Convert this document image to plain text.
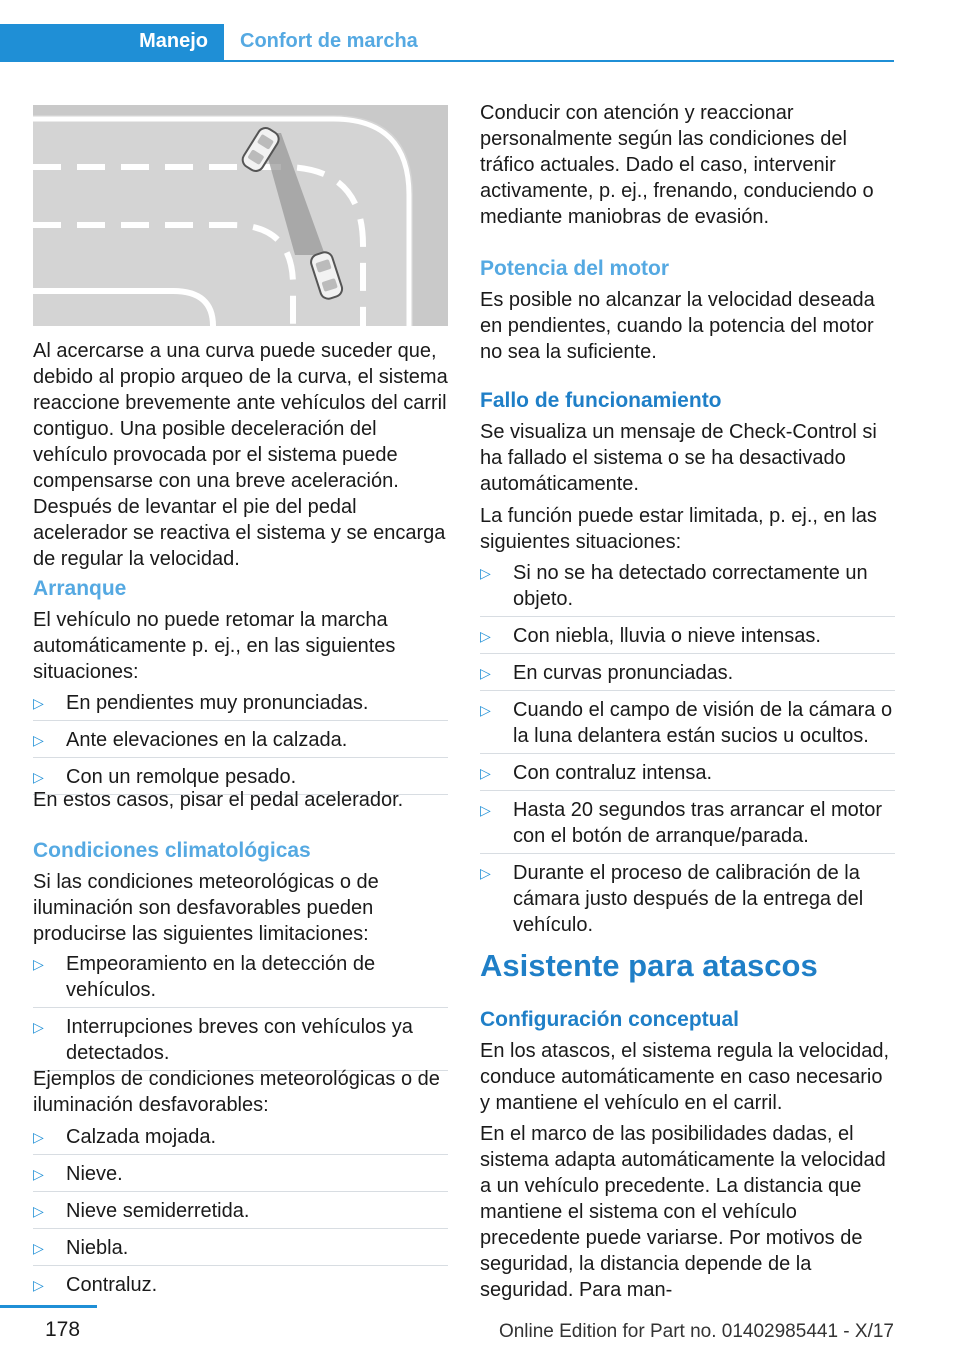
Manejo Confort de marcha

Al acercarse a una curva puede suceder que, debido al propio arqueo de la curva, el sistema reaccione brevemente ante vehículos del carril contiguo. Una posible deceleración del vehículo provocada por el sistema puede compensarse con una breve aceleración. Después de levantar el pie del pedal acelerador se reactiva el sistema y se encarga de regular la velocidad.

Arranque

El vehículo no puede retomar la marcha automáticamente p. ej., en las siguientes situaciones:

▷ En pendientes muy pronunciadas.
▷ Ante elevaciones en la calzada.
▷ Con un remolque pesado.

En estos casos, pisar el pedal acelerador.

Condiciones climatológicas

Si las condiciones meteorológicas o de iluminación son desfavorables pueden producirse las siguientes limitaciones:

▷ Empeoramiento en la detección de vehículos.
▷ Interrupciones breves con vehículos ya detectados.

Ejemplos de condiciones meteorológicas o de iluminación desfavorables:

▷ Calzada mojada.
▷ Nieve.
▷ Nieve semiderretida.
▷ Niebla.
▷ Contraluz.

Conducir con atención y reaccionar personalmente según las condiciones del tráfico actuales. Dado el caso, intervenir activamente, p. ej., frenando, conduciendo o mediante maniobras de evasión.

Potencia del motor

Es posible no alcanzar la velocidad deseada en pendientes, cuando la potencia del motor no sea la suficiente.

Fallo de funcionamiento

Se visualiza un mensaje de Check-Control si ha fallado el sistema o se ha desactivado automáticamente.

La función puede estar limitada, p. ej., en las siguientes situaciones:

▷ Si no se ha detectado correctamente un objeto.
▷ Con niebla, lluvia o nieve intensas.
▷ En curvas pronunciadas.
▷ Cuando el campo de visión de la cámara o la luna delantera están sucios u ocultos.
▷ Con contraluz intensa.
▷ Hasta 20 segundos tras arrancar el motor con el botón de arranque/parada.
▷ Durante el proceso de calibración de la cámara justo después de la entrega del vehículo.

Asistente para atascos

Configuración conceptual

En los atascos, el sistema regula la velocidad, conduce automáticamente en caso necesario y mantiene el vehículo en el carril.

En el marco de las posibilidades dadas, el sistema adapta automáticamente la velocidad a un vehículo precedente. La distancia que mantiene el sistema con el vehículo precedente puede variarse. Por motivos de seguridad, la distancia depende de la seguridad. Para man-

178	Online Edition for Part no. 01402985441 - X/17
